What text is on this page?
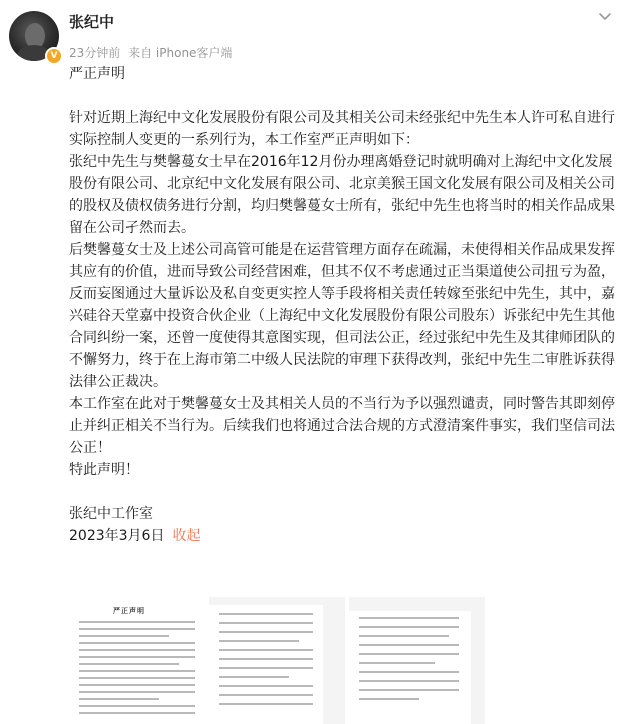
V
张纪中
23分钟前 来自 iPhone客户端

严正声明

针对近期上海纪中文化发展股份有限公司及其相关公司未经张纪中先生本人许可私自进行实际控制人变更的一系列行为，本工作室严正声明如下：

张纪中先生与樊馨蔓女士早在2016年12月份办理离婚登记时就明确对上海纪中文化发展股份有限公司、北京纪中文化发展有限公司、北京美猴王国文化发展有限公司及相关公司的股权及债权债务进行分割，均归樊馨蔓女士所有，张纪中先生也将当时的相关作品成果留在公司孑然而去。

后樊馨蔓女士及上述公司高管可能是在运营管理方面存在疏漏，未使得相关作品成果发挥其应有的价值，进而导致公司经营困难，但其不仅不考虑通过正当渠道使公司扭亏为盈，反而妄图通过大量诉讼及私自变更实控人等手段将相关责任转嫁至张纪中先生，其中，嘉兴硅谷天堂嘉中投资合伙企业（上海纪中文化发展股份有限公司股东）诉张纪中先生其他合同纠纷一案，还曾一度使得其意图实现，但司法公正，经过张纪中先生及其律师团队的不懈努力，终于在上海市第二中级人民法院的审理下获得改判，张纪中先生二审胜诉获得法律公正裁决。

本工作室在此对于樊馨蔓女士及其相关人员的不当行为予以强烈谴责，同时警告其即刻停止并纠正相关不当行为。后续我们也将通过合法合规的方式澄清案件事实，我们坚信司法公正！

特此声明！

张纪中工作室

2023年3月6日 收起

严正声明
